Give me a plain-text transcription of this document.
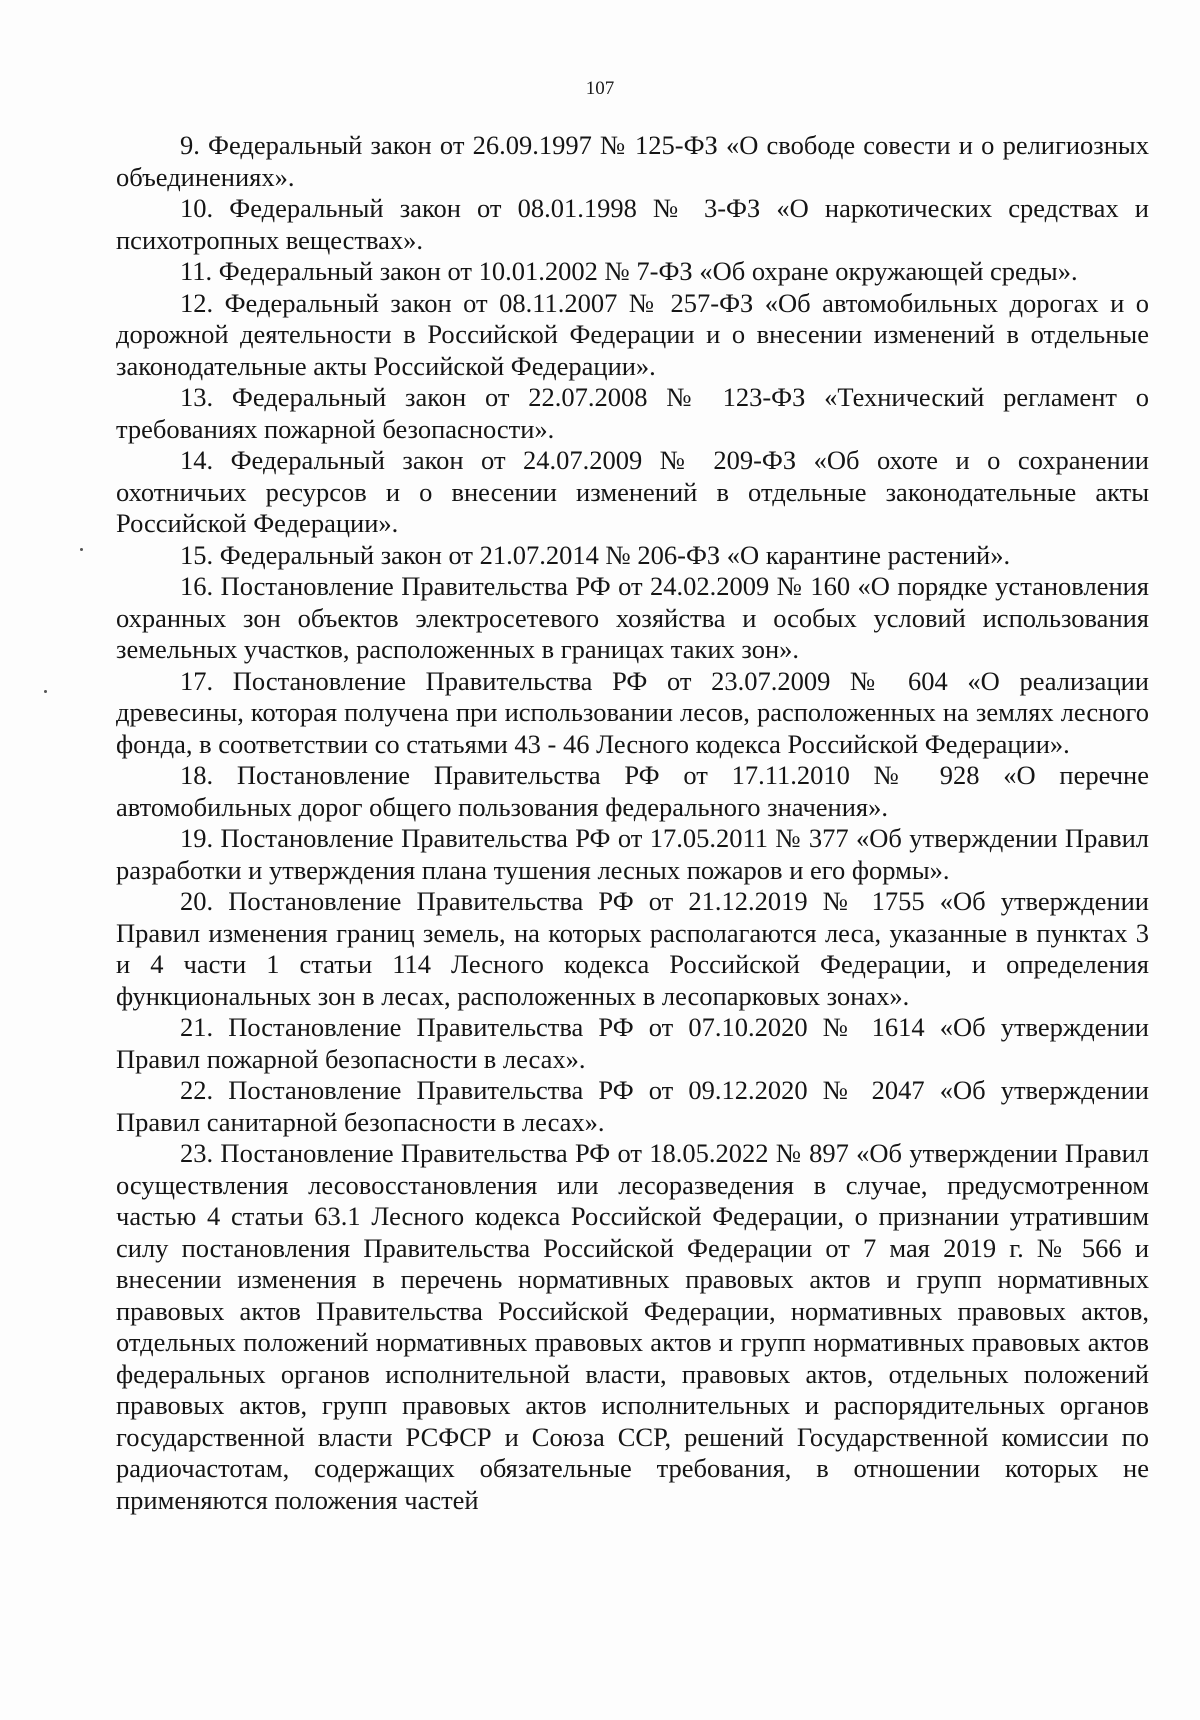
107

9. Федеральный закон от 26.09.1997 № 125-ФЗ «О свободе совести и о религиозных объединениях».

10. Федеральный закон от 08.01.1998 № 3-ФЗ «О наркотических средствах и психотропных веществах».

11. Федеральный закон от 10.01.2002 № 7-ФЗ «Об охране окружающей среды».

12. Федеральный закон от 08.11.2007 № 257-ФЗ «Об автомобильных дорогах и о дорожной деятельности в Российской Федерации и о внесении изменений в отдельные законодательные акты Российской Федерации».

13. Федеральный закон от 22.07.2008 № 123-ФЗ «Технический регламент о требованиях пожарной безопасности».

14. Федеральный закон от 24.07.2009 № 209-ФЗ «Об охоте и о сохранении охотничьих ресурсов и о внесении изменений в отдельные законодательные акты Российской Федерации».

15. Федеральный закон от 21.07.2014 № 206-ФЗ «О карантине растений».

16. Постановление Правительства РФ от 24.02.2009 № 160 «О порядке установления охранных зон объектов электросетевого хозяйства и особых условий использования земельных участков, расположенных в границах таких зон».

17. Постановление Правительства РФ от 23.07.2009 № 604 «О реализации древесины, которая получена при использовании лесов, расположенных на землях лесного фонда, в соответствии со статьями 43 - 46 Лесного кодекса Российской Федерации».

18. Постановление Правительства РФ от 17.11.2010 № 928 «О перечне автомобильных дорог общего пользования федерального значения».

19. Постановление Правительства РФ от 17.05.2011 № 377 «Об утверждении Правил разработки и утверждения плана тушения лесных пожаров и его формы».

20. Постановление Правительства РФ от 21.12.2019 № 1755 «Об утверждении Правил изменения границ земель, на которых располагаются леса, указанные в пунктах 3 и 4 части 1 статьи 114 Лесного кодекса Российской Федерации, и определения функциональных зон в лесах, расположенных в лесопарковых зонах».

21. Постановление Правительства РФ от 07.10.2020 № 1614 «Об утверждении Правил пожарной безопасности в лесах».

22. Постановление Правительства РФ от 09.12.2020 № 2047 «Об утверждении Правил санитарной безопасности в лесах».

23. Постановление Правительства РФ от 18.05.2022 № 897 «Об утверждении Правил осуществления лесовосстановления или лесоразведения в случае, предусмотренном частью 4 статьи 63.1 Лесного кодекса Российской Федерации, о признании утратившим силу постановления Правительства Российской Федерации от 7 мая 2019 г. № 566 и внесении изменения в перечень нормативных правовых актов и групп нормативных правовых актов Правительства Российской Федерации, нормативных правовых актов, отдельных положений нормативных правовых актов и групп нормативных правовых актов федеральных органов исполнительной власти, правовых актов, отдельных положений правовых актов, групп правовых актов исполнительных и распорядительных органов государственной власти РСФСР и Союза ССР, решений Государственной комиссии по радиочастотам, содержащих обязательные требования, в отношении которых не применяются положения частей
